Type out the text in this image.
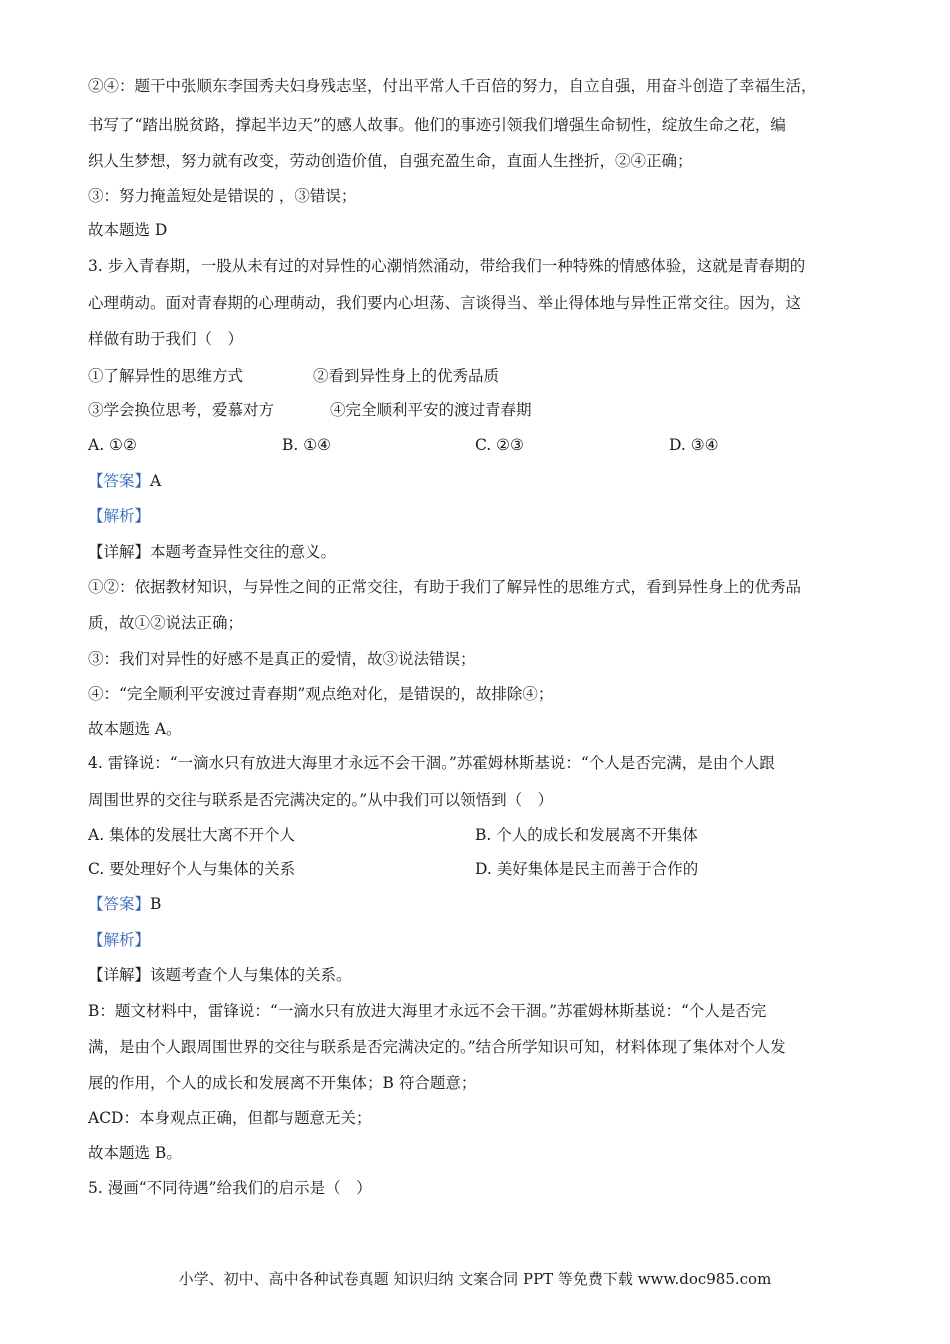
②④：题干中张顺东李国秀夫妇身残志坚，付出平常人千百倍的努力，自立自强，用奋斗创造了幸福生活，
书写了“踏出脱贫路，撑起半边天”的感人故事。他们的事迹引领我们增强生命韧性，绽放生命之花，编
织人生梦想，努力就有改变，劳动创造价值，自强充盈生命，直面人生挫折，②④正确；
③：努力掩盖短处是错误的 ，③错误；
故本题选 D
3. 步入青春期，一股从未有过的对异性的心潮悄然涌动，带给我们一种特殊的情感体验，这就是青春期的
心理萌动。面对青春期的心理萌动，我们要内心坦荡、言谈得当、举止得体地与异性正常交往。因为，这
样做有助于我们（　）
①了解异性的思维方式	②看到异性身上的优秀品质
③学会换位思考，爱慕对方	④完全顺利平安的渡过青春期
A. ①②	B. ①④	C. ②③	D. ③④
【答案】A
【解析】
【详解】本题考查异性交往的意义。
①②：依据教材知识，与异性之间的正常交往，有助于我们了解异性的思维方式，看到异性身上的优秀品
质，故①②说法正确；
③：我们对异性的好感不是真正的爱情，故③说法错误；
④：“完全顺利平安渡过青春期”观点绝对化，是错误的，故排除④；
故本题选 A。
4. 雷锋说：“一滴水只有放进大海里才永远不会干涸。”苏霍姆林斯基说：“个人是否完满，是由个人跟
周围世界的交往与联系是否完满决定的。”从中我们可以领悟到（　）
A. 集体的发展壮大离不开个人	B. 个人的成长和发展离不开集体
C. 要处理好个人与集体的关系	D. 美好集体是民主而善于合作的
【答案】B
【解析】
【详解】该题考查个人与集体的关系。
B：题文材料中，雷锋说：“一滴水只有放进大海里才永远不会干涸。”苏霍姆林斯基说：“个人是否完
满，是由个人跟周围世界的交往与联系是否完满决定的。”结合所学知识可知，材料体现了集体对个人发
展的作用，个人的成长和发展离不开集体；B 符合题意；
ACD：本身观点正确，但都与题意无关；
故本题选 B。
5. 漫画“不同待遇”给我们的启示是（　）
小学、初中、高中各种试卷真题 知识归纳 文案合同 PPT 等免费下载 www.doc985.com
